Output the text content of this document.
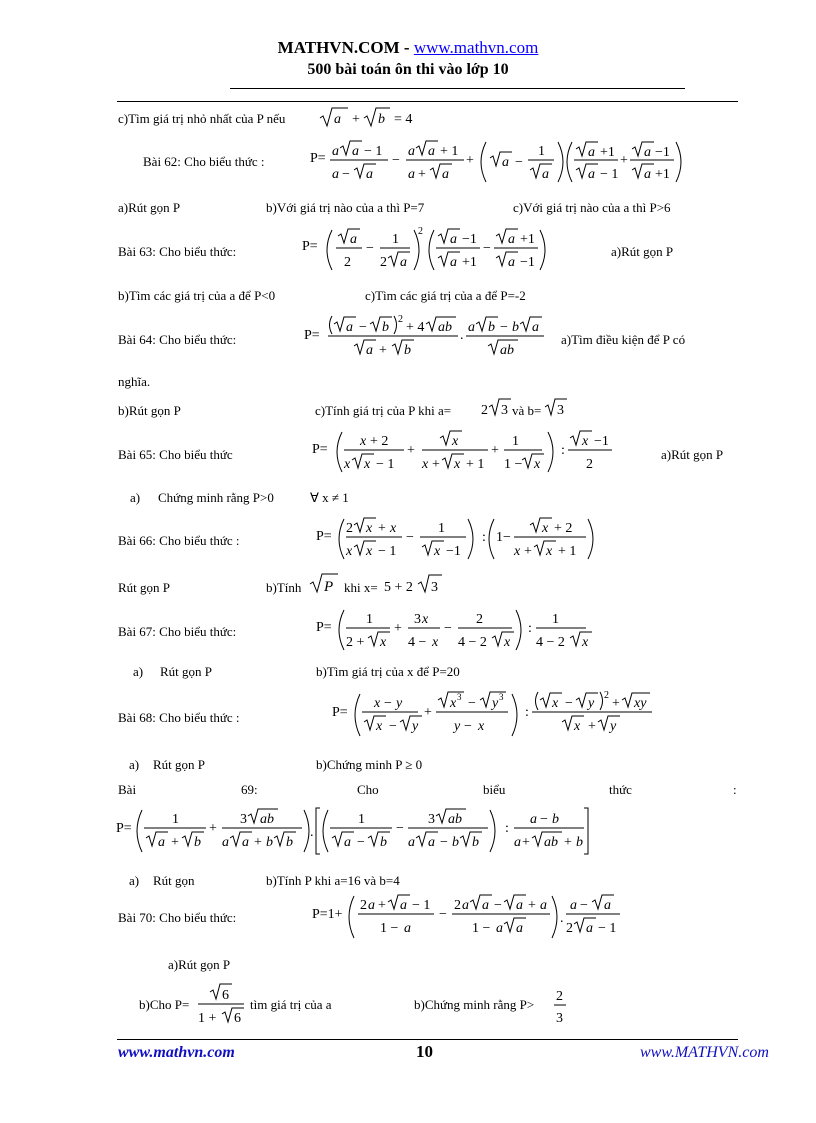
MATHVN.COM - www.mathvn.com
500 bài toán ôn thi vào lớp 10
c)Tìm giá trị nhỏ nhất của P nếu	a + b = 4
Bài 62: Cho biểu thức :	P= a a − 1
a − a
−
a a + 1
a + a
+ a −
1
a
a +1
a − 1
+
a −1
a +1
a)Rút gọn P	b)Với giá trị nào của a thì P=7	c)Với giá trị nào của a thì P>6
Bài 63: Cho biểu thức:	P= a
2
−
1
2 a
2
a −1
a +1
−
a +1
a −1
a)Rút gọn P
b)Tìm các giá trị của a để P<0	c)Tìm các giá trị của a để P=-2
Bài 64: Cho biểu thức:	P=
a − b
2
+ 4 ab
a + b
.
a b − b a
ab
a)Tìm điều kiện để P có
nghĩa.
b)Rút gọn P	c)Tính giá trị của P khi a= 2 3 và b= 3
Bài 65: Cho biểu thức	P=
x + 2
x x − 1
+
x
x + x + 1
+
1
1 − x
:
x −1
2
a)Rút gọn P
a) Chứng minh rằng P>0	∀ x ≠ 1
Bài 66: Cho biểu thức :	P=
2 x + x
x x − 1
−
1
x −1
: 1−
x + 2
x + x + 1
Rút gọn P	b)Tính P khi x= 5 + 2 3
Bài 67: Cho biểu thức:	P=
1
2 + x
+
3 x
4 − x
−
2
4 − 2 x
:
1
4 − 2 x
a) Rút gọn P	b)Tìm giá trị của x để P=20
Bài 68: Cho biểu thức :	P=
x − y
x − y
+
x 3 − y 3
y − x
:
x − y
2
+ xy
x + y
a) Rút gọn P	b)Chứng minh P ≥ 0
Bài	69:	Cho	biểu	thức	:
P=
1
a + b
+
3 ab
a a + b b
.
1
a − b
−
3 ab
a a − b b
:
a − b
a + ab + b
a) Rút gọn	b)Tính P khi a=16 và b=4
Bài 70: Cho biểu thức:	P=1+
2 a + a − 1
1 − a
−
2 a a − a + a
1 − a a
.
a − a
2 a − 1
a)Rút gọn P
b)Cho P=
6
1 + 6
tìm giá trị của a	b)Chứng minh rằng P>
2
3
www.mathvn.com	10	www.MATHVN.com
